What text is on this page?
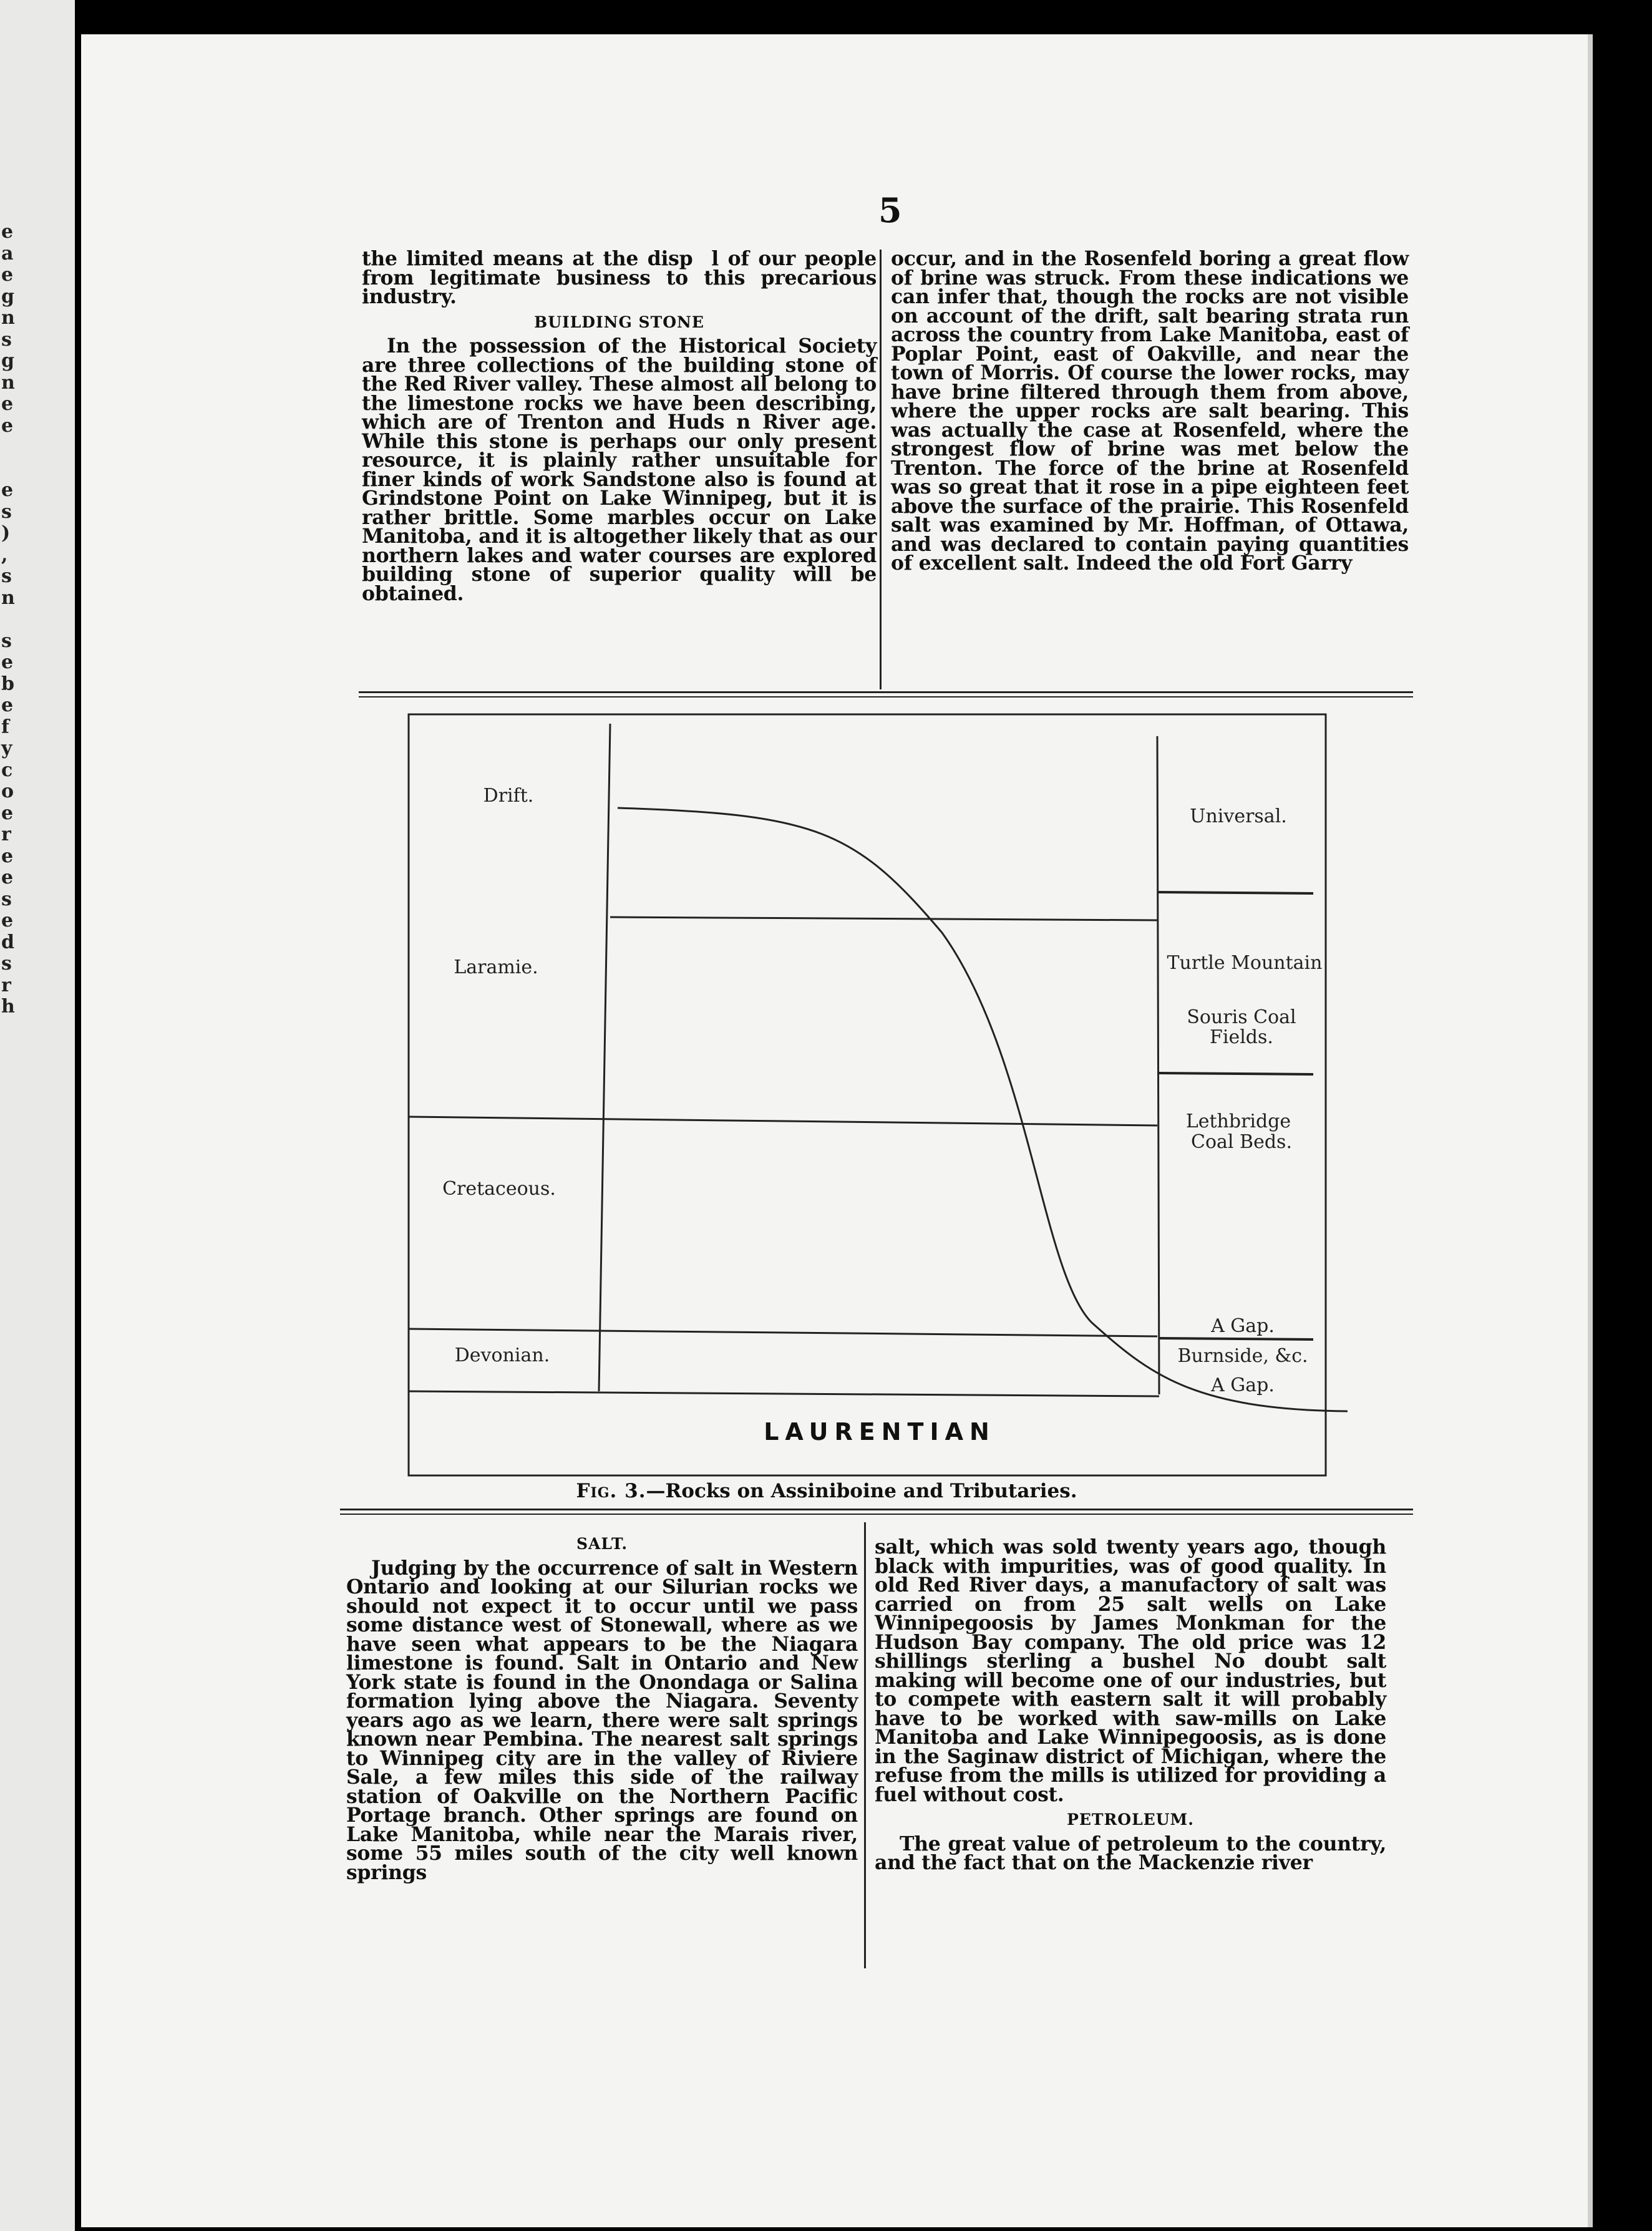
e
a
e
g
n
s
g
n
e
e

e
s
)
,
s
n

s
e
b
e
f
y
c
o
e
r
e
e
s
e
d
s
r
h
5

the limited means at the disp     l of our people from legitimate business to this precarious industry.

BUILDING STONE

In the possession of the Historical Society are three collections of the building stone of the Red River valley. These almost all belong to the limestone rocks we have been describing, which are of Trenton and Huds n River age. While this stone is perhaps our only present resource, it is plainly rather unsuitable for finer kinds of work Sandstone also is found at Grindstone Point on Lake Winnipeg, but it is rather brittle. Some marbles occur on Lake Manitoba, and it is altogether likely that as our northern lakes and water courses are explored building stone of superior quality will be obtained.

occur, and in the Rosenfeld boring a great flow of brine was struck. From these indications we can infer that, though the rocks are not visible on account of the drift, salt bearing strata run across the country from Lake Manitoba, east of Poplar Point, east of Oakville, and near the town of Morris. Of course the lower rocks, may have brine filtered through them from above, where the upper rocks are salt bearing. This was actually the case at Rosenfeld, where the strongest flow of brine was met below the Trenton. The force of the brine at Rosenfeld was so great that it rose in a pipe eighteen feet above the surface of the prairie. This Rosenfeld salt was examined by Mr. Hoffman, of Ottawa, and was declared to contain paying quantities of excellent salt. Indeed the old Fort Garry

Drift.
Laramie.
Cretaceous.
Devonian.
Universal.
Turtle Mountain
Souris Coal
Fields.
Lethbridge
Coal Beds.
A Gap.
Burnside, &c.
A Gap.
LAURENTIAN
Fig. 3.—Rocks on Assiniboine and Tributaries.

SALT.

Judging by the occurrence of salt in Western Ontario and looking at our Silurian rocks we should not expect it to occur until we pass some distance west of Stonewall, where as we have seen what appears to be the Niagara limestone is found. Salt in Ontario and New York state is found in the Onondaga or Salina formation lying above the Niagara. Seventy years ago as we learn, there were salt springs known near Pembina. The nearest salt springs to Winnipeg city are in the valley of Riviere Sale, a few miles this side of the railway station of Oakville on the Northern Pacific Portage branch. Other springs are found on Lake Manitoba, while near the Marais river, some 55 miles south of the city well known springs

salt, which was sold twenty years ago, though black with impurities, was of good quality. In old Red River days, a manufactory of salt was carried on from 25 salt wells on Lake Winnipegoosis by James Monkman for the Hudson Bay company. The old price was 12 shillings sterling a bushel No doubt salt making will become one of our industries, but to compete with eastern salt it will probably have to be worked with saw-mills on Lake Manitoba and Lake Winnipegoosis, as is done in the Saginaw district of Michigan, where the refuse from the mills is utilized for providing a fuel without cost.

PETROLEUM.

The great value of petroleum to the country, and the fact that on the Mackenzie river
